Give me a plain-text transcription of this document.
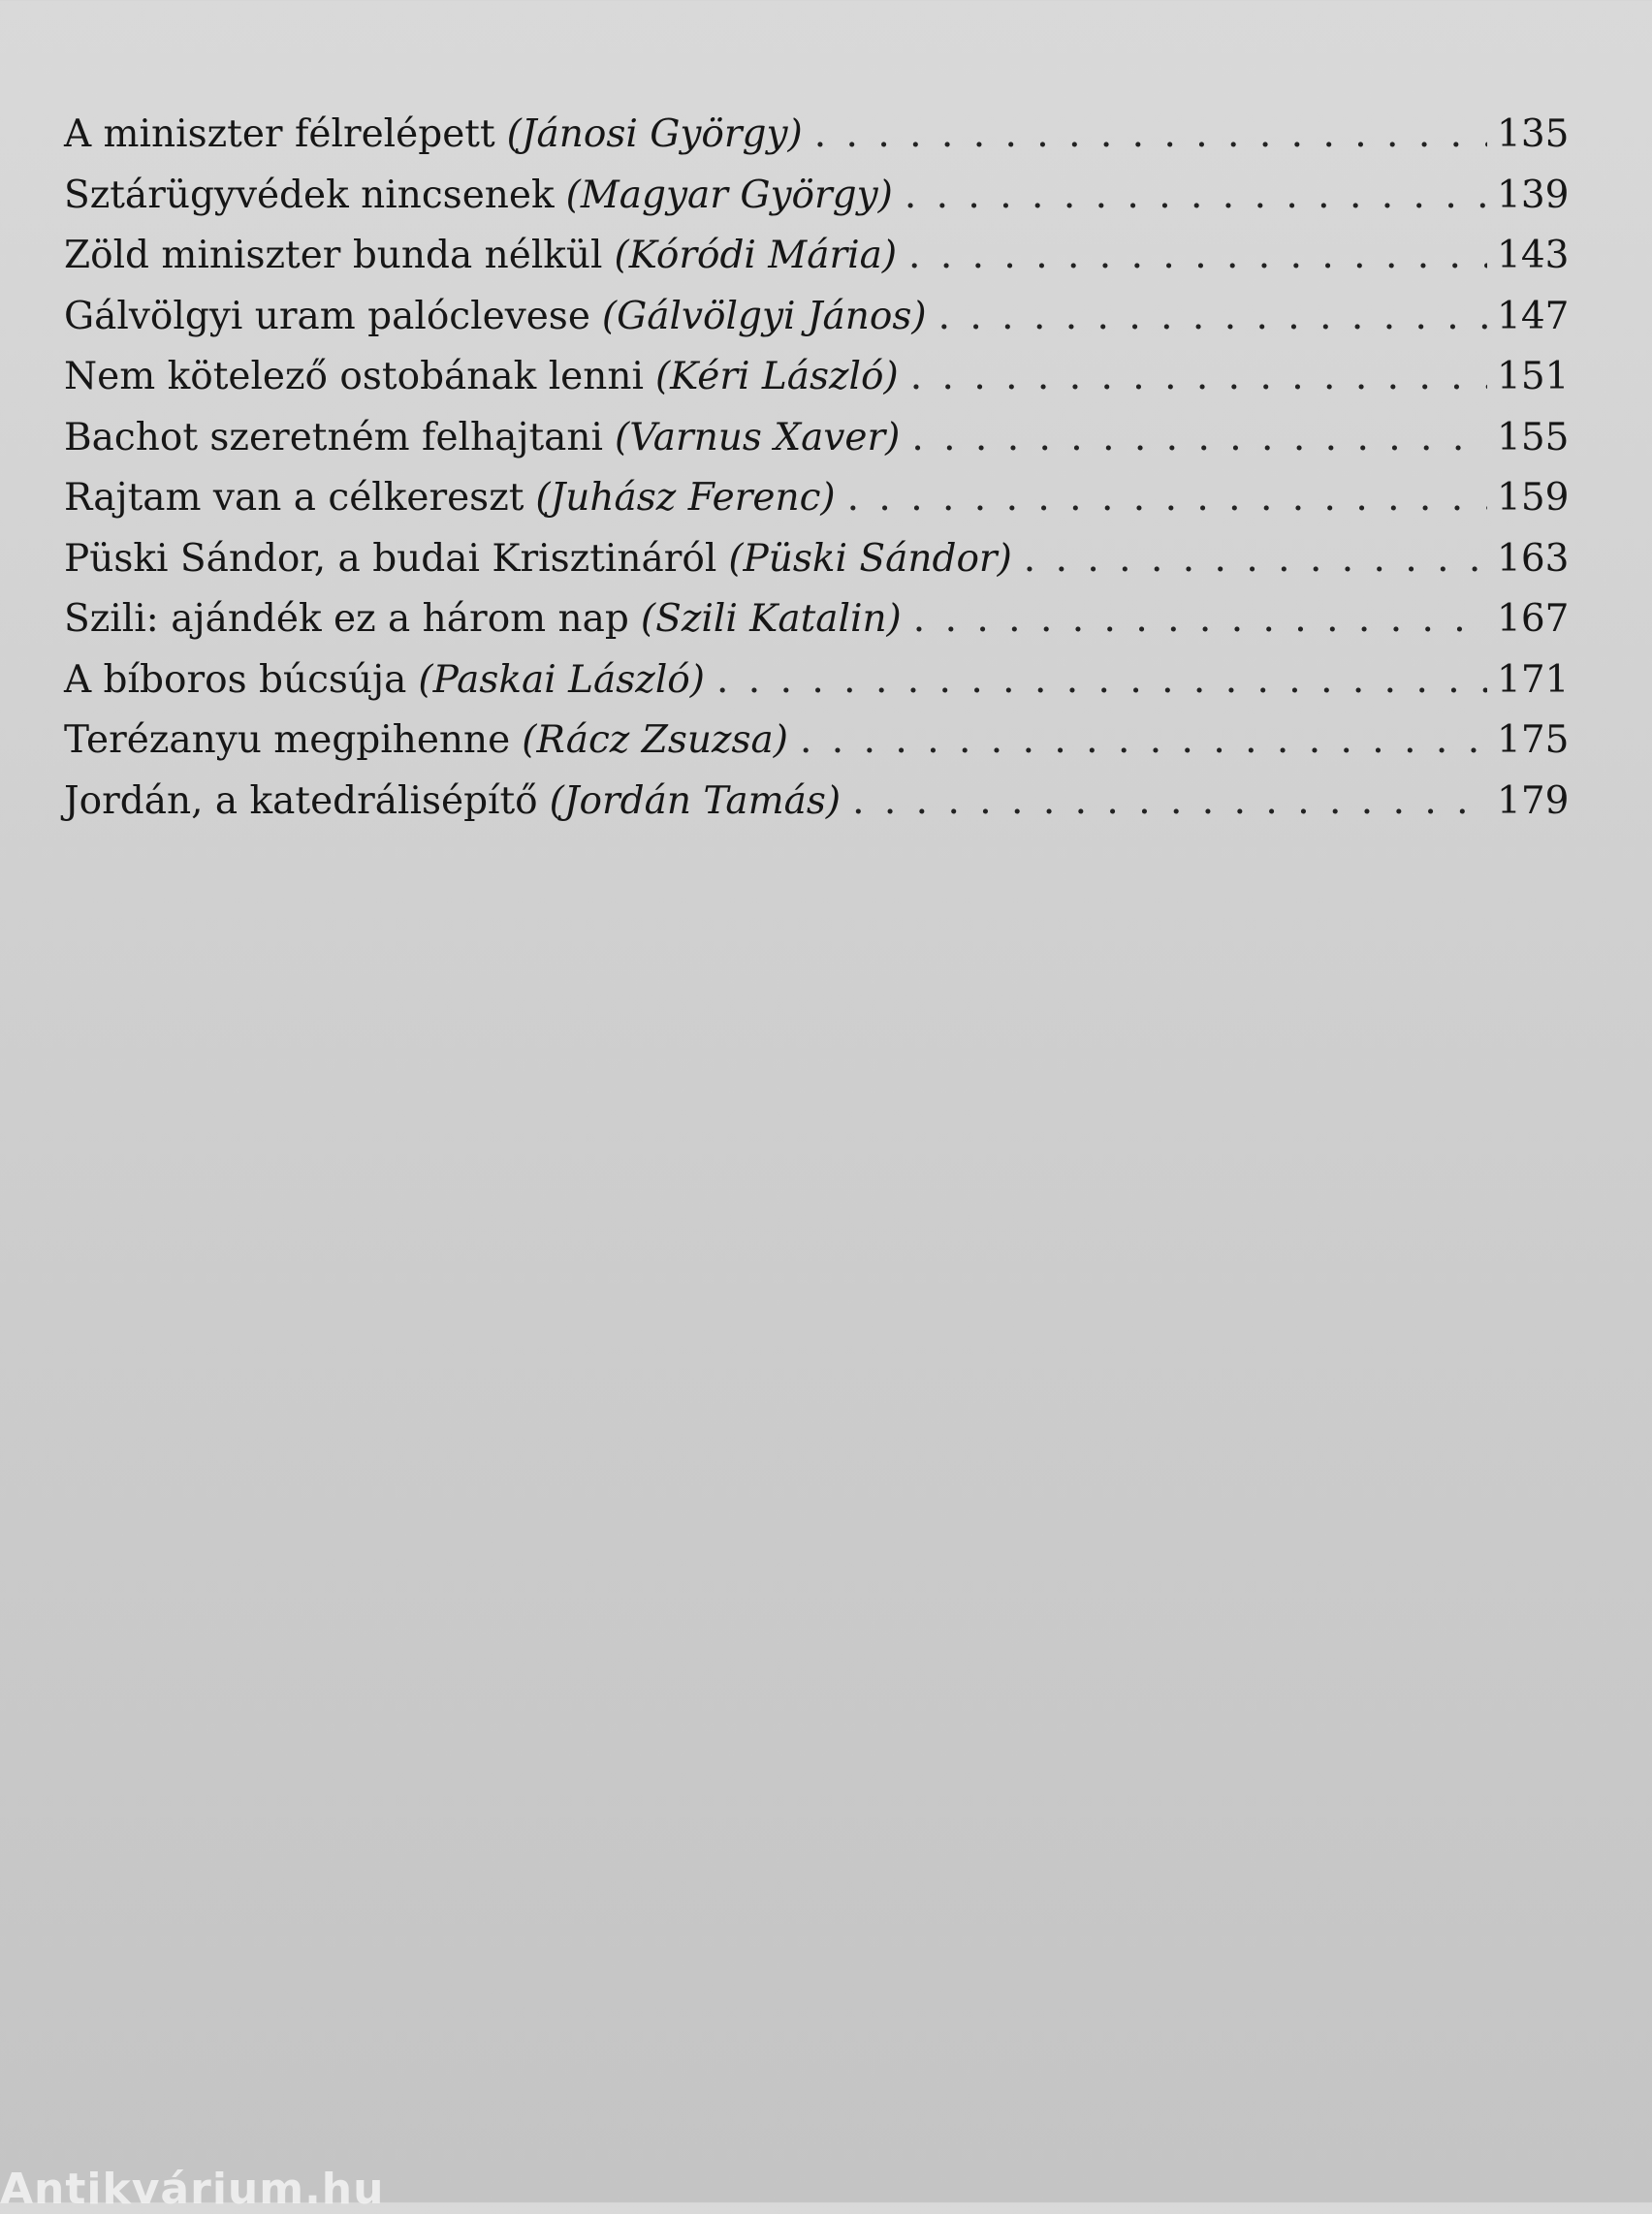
A miniszter félrelépett (Jánosi György) . . .	135
Sztárügyvédek nincsenek (Magyar György) . . .	139
Zöld miniszter bunda nélkül (Kóródi Mária) . . .	143
Gálvölgyi uram palóclevese (Gálvölgyi János) . . .	147
Nem kötelező ostobának lenni (Kéri László) . . .	151
Bachot szeretném felhajtani (Varnus Xaver) . . .	155
Rajtam van a célkereszt (Juhász Ferenc) . . .	159
Püski Sándor, a budai Krisztináról (Püski Sándor) . . .	163
Szili: ajándék ez a három nap (Szili Katalin) . . .	167
A bíboros búcsúja (Paskai László) . . .	171
Terézanyu megpihenne (Rácz Zsuzsa) . . .	175
Jordán, a katedrálisépítő (Jordán Tamás) . . .	179
Antikvárium.hu
